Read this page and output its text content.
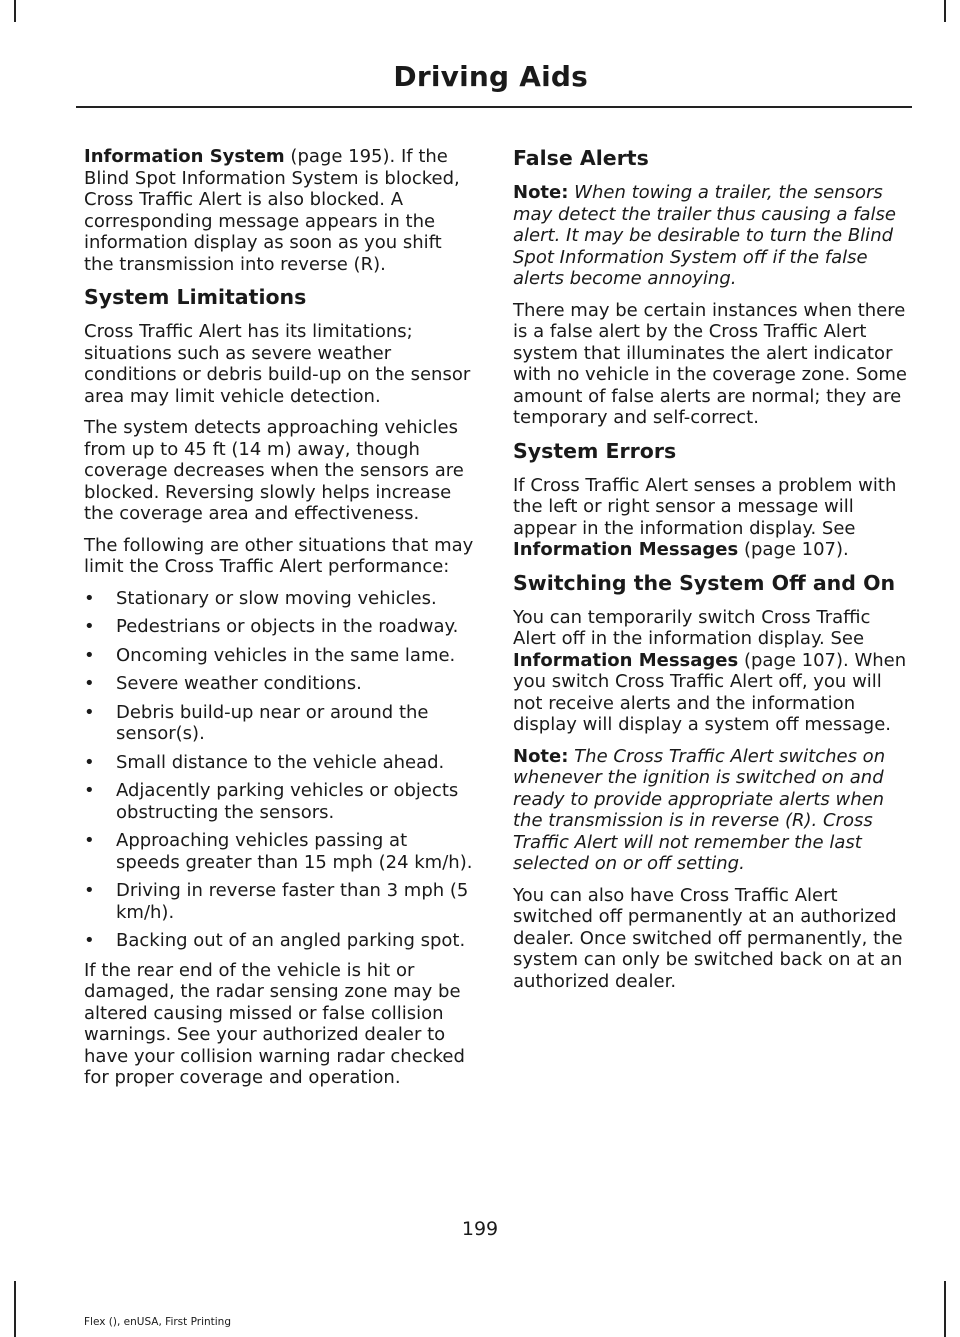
Driving Aids

Information System (page 195). If the Blind Spot Information System is blocked, Cross Traffic Alert is also blocked. A corresponding message appears in the information display as soon as you shift the transmission into reverse (R).

System Limitations

Cross Traffic Alert has its limitations; situations such as severe weather conditions or debris build-up on the sensor area may limit vehicle detection.

The system detects approaching vehicles from up to 45 ft (14 m) away, though coverage decreases when the sensors are blocked. Reversing slowly helps increase the coverage area and effectiveness.

The following are other situations that may limit the Cross Traffic Alert performance:

• Stationary or slow moving vehicles.
• Pedestrians or objects in the roadway.
• Oncoming vehicles in the same lame.
• Severe weather conditions.
• Debris build-up near or around the sensor(s).
• Small distance to the vehicle ahead.
• Adjacently parking vehicles or objects obstructing the sensors.
• Approaching vehicles passing at speeds greater than 15 mph (24 km/h).
• Driving in reverse faster than 3 mph (5 km/h).
• Backing out of an angled parking spot.

If the rear end of the vehicle is hit or damaged, the radar sensing zone may be altered causing missed or false collision warnings. See your authorized dealer to have your collision warning radar checked for proper coverage and operation.

False Alerts

Note: When towing a trailer, the sensors may detect the trailer thus causing a false alert. It may be desirable to turn the Blind Spot Information System off if the false alerts become annoying.

There may be certain instances when there is a false alert by the Cross Traffic Alert system that illuminates the alert indicator with no vehicle in the coverage zone. Some amount of false alerts are normal; they are temporary and self-correct.

System Errors

If Cross Traffic Alert senses a problem with the left or right sensor a message will appear in the information display. See Information Messages (page 107).

Switching the System Off and On

You can temporarily switch Cross Traffic Alert off in the information display. See Information Messages (page 107). When you switch Cross Traffic Alert off, you will not receive alerts and the information display will display a system off message.

Note: The Cross Traffic Alert switches on whenever the ignition is switched on and ready to provide appropriate alerts when the transmission is in reverse (R). Cross Traffic Alert will not remember the last selected on or off setting.

You can also have Cross Traffic Alert switched off permanently at an authorized dealer. Once switched off permanently, the system can only be switched back on at an authorized dealer.

199
Flex (), enUSA, First Printing
